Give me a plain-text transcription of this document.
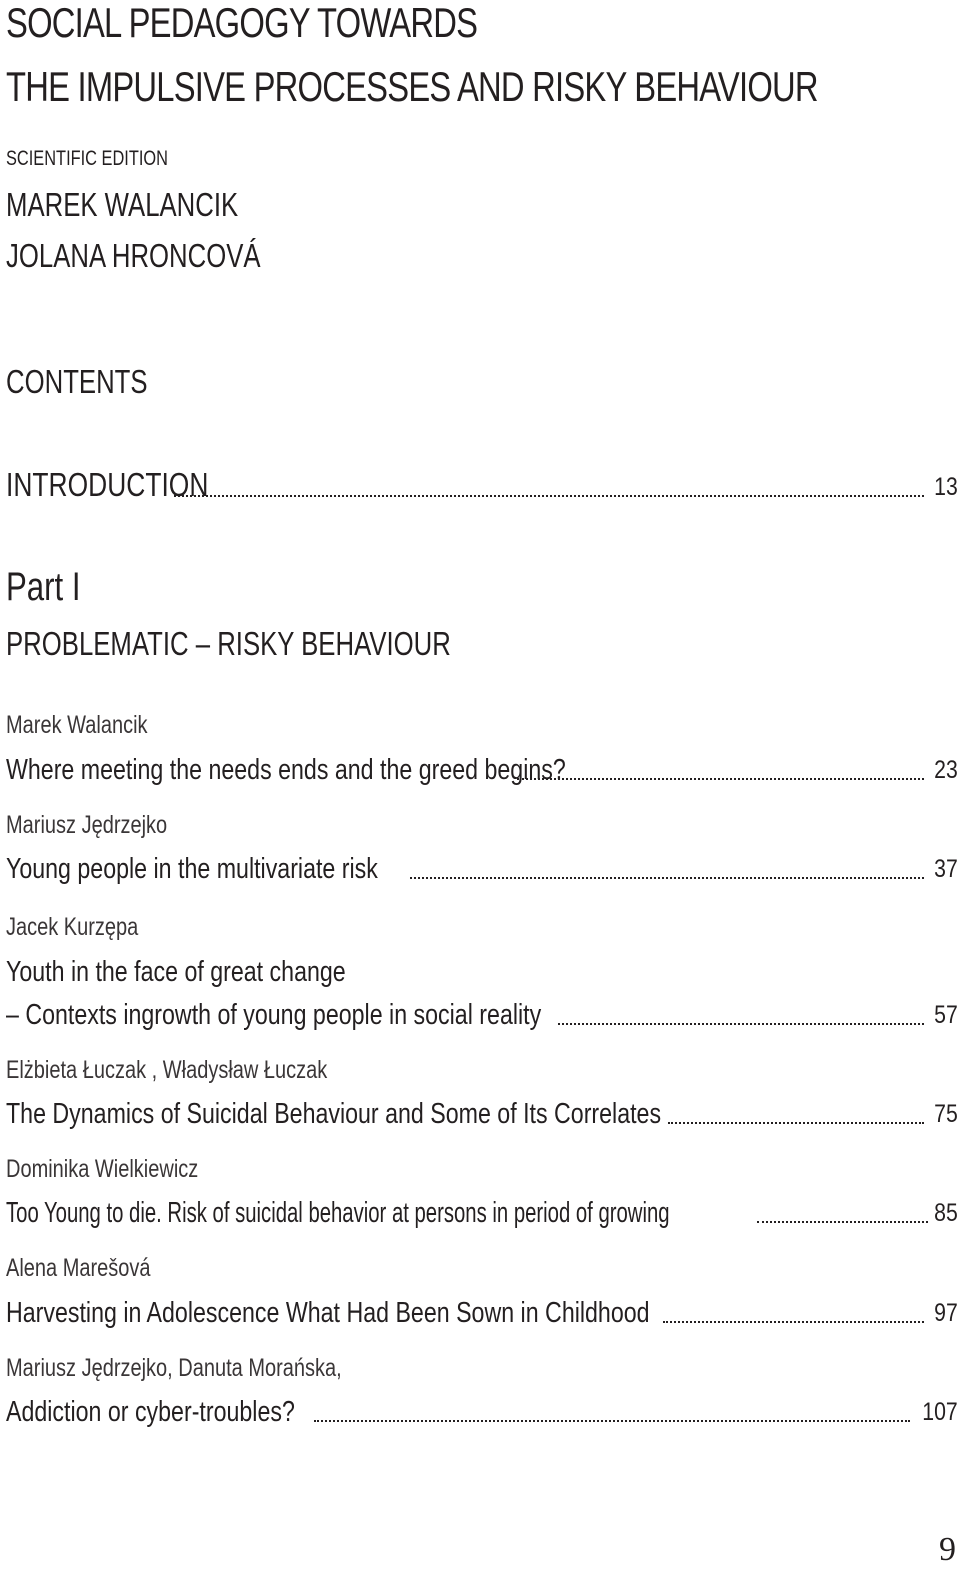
SOCIAL PEDAGOGY TOWARDS
THE IMPULSIVE PROCESSES AND RISKY BEHAVIOUR
SCIENTIFIC EDITION
MAREK WALANCIK
JOLANA HRONCOVÁ
CONTENTS
INTRODUCTION	13
Part I
PROBLEMATIC – RISKY BEHAVIOUR
Marek Walancik
Where meeting the needs ends and the greed begins?	23
Mariusz Jędrzejko
Young people in the multivariate risk	37
Jacek Kurzępa
Youth in the face of great change
– Contexts ingrowth of young people in social reality	57
Elżbieta Łuczak , Władysław Łuczak
The Dynamics of Suicidal Behaviour and Some of Its Correlates	75
Dominika Wielkiewicz
Too Young to die. Risk of suicidal behavior at persons in period of growing	85
Alena Marešová
Harvesting in Adolescence What Had Been Sown in Childhood	97
Mariusz Jędrzejko, Danuta Morańska,
Addiction or cyber-troubles?	107
9
